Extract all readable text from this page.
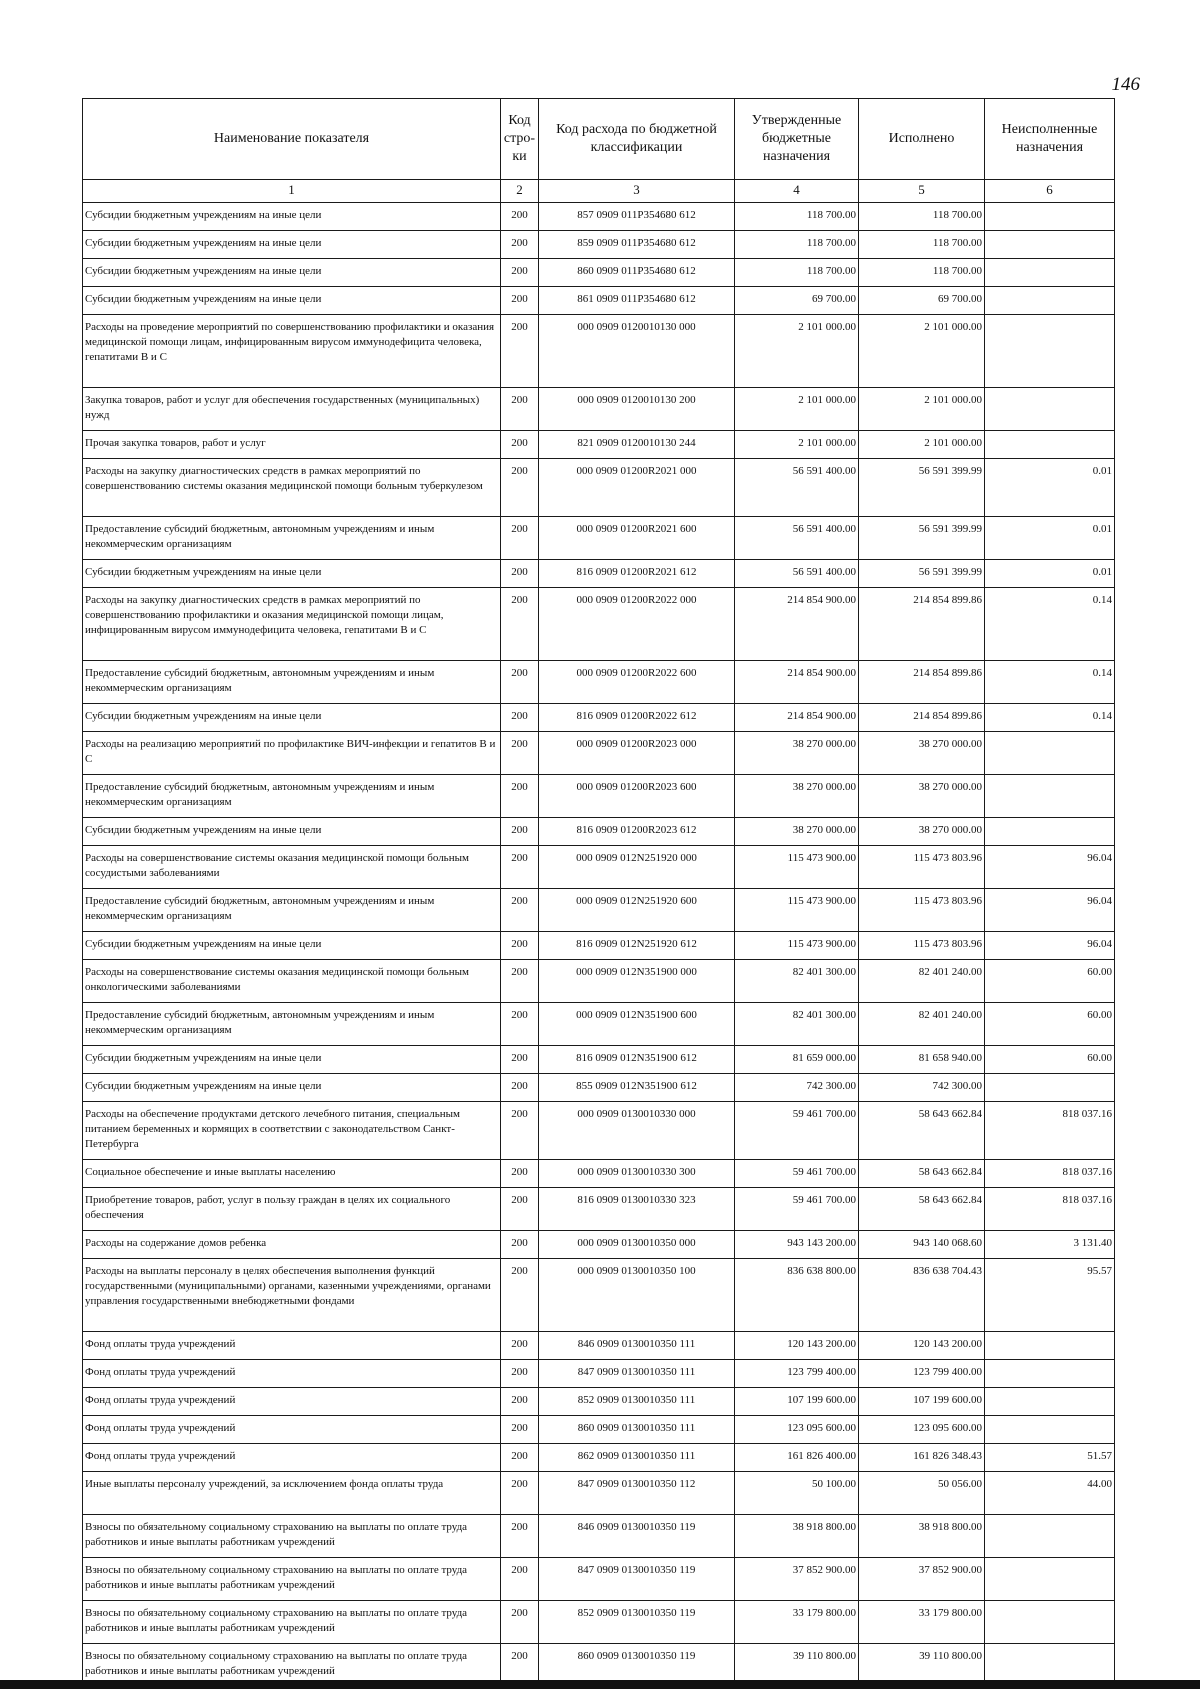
146
Наименование показателя	Код стро-ки	Код расхода по бюджетной классификации	Утвержденные бюджетные назначения	Исполнено	Неисполненные назначения
1	2	3	4	5	6
Субсидии бюджетным учреждениям на иные цели	200	857 0909 011P354680 612	118 700.00	118 700.00	
Субсидии бюджетным учреждениям на иные цели	200	859 0909 011P354680 612	118 700.00	118 700.00	
Субсидии бюджетным учреждениям на иные цели	200	860 0909 011P354680 612	118 700.00	118 700.00	
Субсидии бюджетным учреждениям на иные цели	200	861 0909 011P354680 612	69 700.00	69 700.00	
Расходы на проведение мероприятий по совершенствованию профилактики и оказания медицинской помощи лицам, инфицированным вирусом иммунодефицита человека, гепатитами В и С	200	000 0909 0120010130 000	2 101 000.00	2 101 000.00	
Закупка товаров, работ и услуг для обеспечения государственных (муниципальных) нужд	200	000 0909 0120010130 200	2 101 000.00	2 101 000.00	
Прочая закупка товаров, работ и услуг	200	821 0909 0120010130 244	2 101 000.00	2 101 000.00	
Расходы на закупку диагностических средств в рамках мероприятий по совершенствованию системы оказания медицинской помощи больным туберкулезом	200	000 0909 01200R2021 000	56 591 400.00	56 591 399.99	0.01
Предоставление субсидий бюджетным, автономным учреждениям и иным некоммерческим организациям	200	000 0909 01200R2021 600	56 591 400.00	56 591 399.99	0.01
Субсидии бюджетным учреждениям на иные цели	200	816 0909 01200R2021 612	56 591 400.00	56 591 399.99	0.01
Расходы на закупку диагностических средств в рамках мероприятий по совершенствованию профилактики и оказания медицинской помощи лицам, инфицированным вирусом иммунодефицита человека, гепатитами В и С	200	000 0909 01200R2022 000	214 854 900.00	214 854 899.86	0.14
Предоставление субсидий бюджетным, автономным учреждениям и иным некоммерческим организациям	200	000 0909 01200R2022 600	214 854 900.00	214 854 899.86	0.14
Субсидии бюджетным учреждениям на иные цели	200	816 0909 01200R2022 612	214 854 900.00	214 854 899.86	0.14
Расходы на реализацию мероприятий по профилактике ВИЧ-инфекции и гепатитов В и С	200	000 0909 01200R2023 000	38 270 000.00	38 270 000.00	
Предоставление субсидий бюджетным, автономным учреждениям и иным некоммерческим организациям	200	000 0909 01200R2023 600	38 270 000.00	38 270 000.00	
Субсидии бюджетным учреждениям на иные цели	200	816 0909 01200R2023 612	38 270 000.00	38 270 000.00	
Расходы на совершенствование системы оказания медицинской помощи больным сосудистыми заболеваниями	200	000 0909 012N251920 000	115 473 900.00	115 473 803.96	96.04
Предоставление субсидий бюджетным, автономным учреждениям и иным некоммерческим организациям	200	000 0909 012N251920 600	115 473 900.00	115 473 803.96	96.04
Субсидии бюджетным учреждениям на иные цели	200	816 0909 012N251920 612	115 473 900.00	115 473 803.96	96.04
Расходы на совершенствование системы оказания медицинской помощи больным онкологическими заболеваниями	200	000 0909 012N351900 000	82 401 300.00	82 401 240.00	60.00
Предоставление субсидий бюджетным, автономным учреждениям и иным некоммерческим организациям	200	000 0909 012N351900 600	82 401 300.00	82 401 240.00	60.00
Субсидии бюджетным учреждениям на иные цели	200	816 0909 012N351900 612	81 659 000.00	81 658 940.00	60.00
Субсидии бюджетным учреждениям на иные цели	200	855 0909 012N351900 612	742 300.00	742 300.00	
Расходы на обеспечение продуктами детского лечебного питания, специальным питанием беременных и кормящих в соответствии с законодательством Санкт-Петербурга	200	000 0909 0130010330 000	59 461 700.00	58 643 662.84	818 037.16
Социальное обеспечение и иные выплаты населению	200	000 0909 0130010330 300	59 461 700.00	58 643 662.84	818 037.16
Приобретение товаров, работ, услуг в пользу граждан в целях их социального обеспечения	200	816 0909 0130010330 323	59 461 700.00	58 643 662.84	818 037.16
Расходы на содержание домов ребенка	200	000 0909 0130010350 000	943 143 200.00	943 140 068.60	3 131.40
Расходы на выплаты персоналу в целях обеспечения выполнения функций государственными (муниципальными) органами, казенными учреждениями, органами управления государственными внебюджетными фондами	200	000 0909 0130010350 100	836 638 800.00	836 638 704.43	95.57
Фонд оплаты труда учреждений	200	846 0909 0130010350 111	120 143 200.00	120 143 200.00	
Фонд оплаты труда учреждений	200	847 0909 0130010350 111	123 799 400.00	123 799 400.00	
Фонд оплаты труда учреждений	200	852 0909 0130010350 111	107 199 600.00	107 199 600.00	
Фонд оплаты труда учреждений	200	860 0909 0130010350 111	123 095 600.00	123 095 600.00	
Фонд оплаты труда учреждений	200	862 0909 0130010350 111	161 826 400.00	161 826 348.43	51.57
Иные выплаты персоналу учреждений, за исключением фонда оплаты труда	200	847 0909 0130010350 112	50 100.00	50 056.00	44.00
Взносы по обязательному социальному страхованию на выплаты по оплате труда работников и иные выплаты работникам учреждений	200	846 0909 0130010350 119	38 918 800.00	38 918 800.00	
Взносы по обязательному социальному страхованию на выплаты по оплате труда работников и иные выплаты работникам учреждений	200	847 0909 0130010350 119	37 852 900.00	37 852 900.00	
Взносы по обязательному социальному страхованию на выплаты по оплате труда работников и иные выплаты работникам учреждений	200	852 0909 0130010350 119	33 179 800.00	33 179 800.00	
Взносы по обязательному социальному страхованию на выплаты по оплате труда работников и иные выплаты работникам учреждений	200	860 0909 0130010350 119	39 110 800.00	39 110 800.00	
